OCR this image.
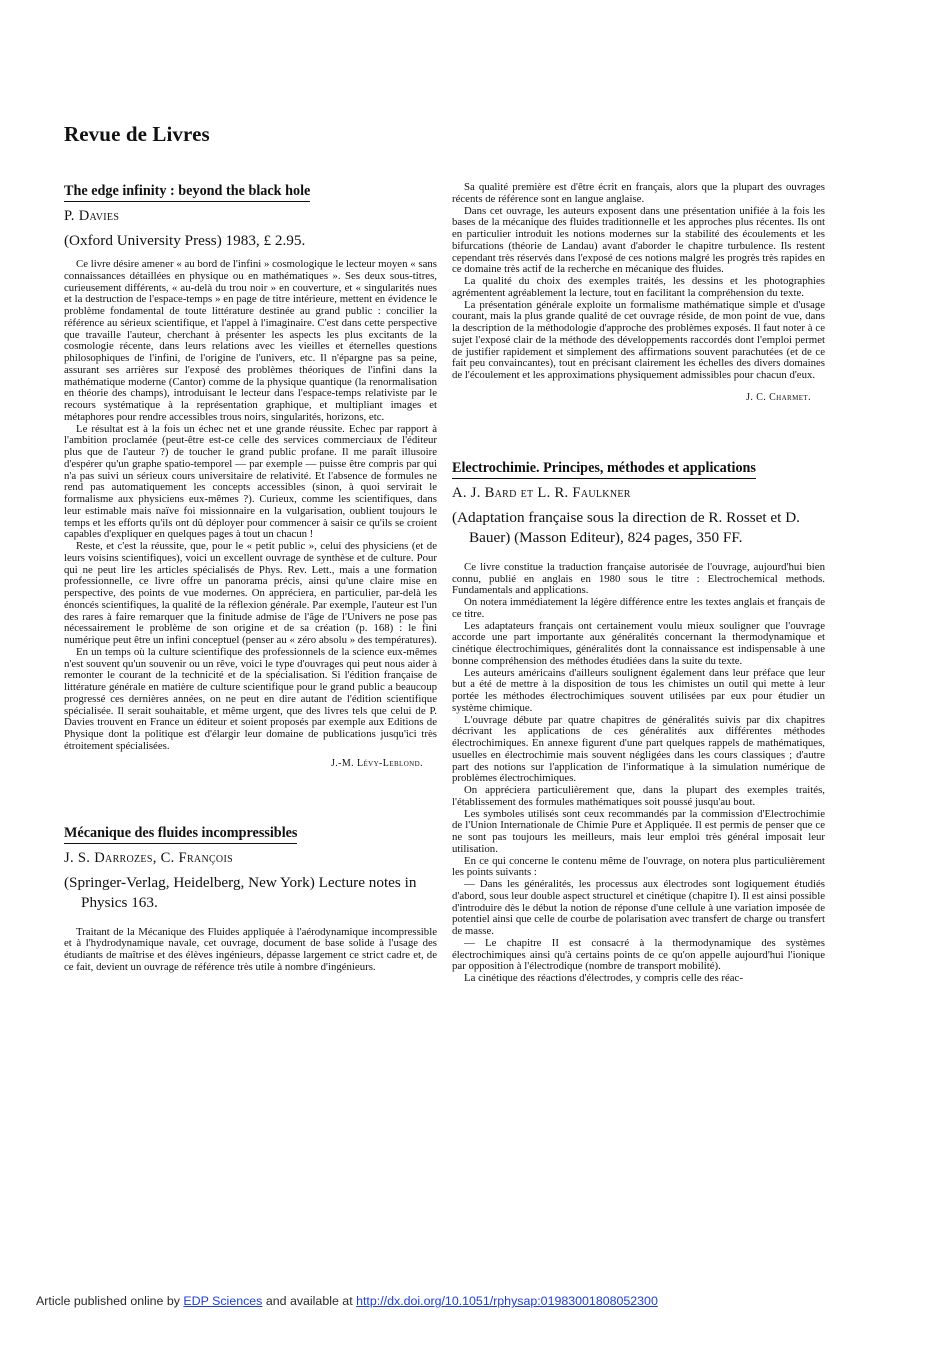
Revue de Livres
The edge infinity : beyond the black hole
P. Davies
(Oxford University Press) 1983, £ 2.95.

Ce livre désire amener « au bord de l'infini » cosmologique le lecteur moyen « sans connaissances détaillées en physique ou en mathématiques ». Ses deux sous-titres, curieusement différents, « au-delà du trou noir » en couverture, et « singularités nues et la destruction de l'espace-temps » en page de titre intérieure, mettent en évidence le problème fondamental de toute littérature destinée au grand public : concilier la référence au sérieux scientifique, et l'appel à l'imaginaire. C'est dans cette perspective que travaille l'auteur, cherchant à présenter les aspects les plus excitants de la cosmologie récente, dans leurs relations avec les vieilles et éternelles questions philosophiques de l'infini, de l'origine de l'univers, etc. Il n'épargne pas sa peine, assurant ses arrières sur l'exposé des problèmes théoriques de l'infini dans la mathématique moderne (Cantor) comme de la physique quantique (la renormalisation en théorie des champs), introduisant le lecteur dans l'espace-temps relativiste par le recours systématique à la représentation graphique, et multipliant images et métaphores pour rendre accessibles trous noirs, singularités, horizons, etc.

Le résultat est à la fois un échec net et une grande réussite. Echec par rapport à l'ambition proclamée (peut-être est-ce celle des services commerciaux de l'éditeur plus que de l'auteur ?) de toucher le grand public profane. Il me paraît illusoire d'espérer qu'un graphe spatio-temporel — par exemple — puisse être compris par qui n'a pas suivi un sérieux cours universitaire de relativité. Et l'absence de formules ne rend pas automatiquement les concepts accessibles (sinon, à quoi servirait le formalisme aux physiciens eux-mêmes ?). Curieux, comme les scientifiques, dans leur estimable mais naïve foi missionnaire en la vulgarisation, oublient toujours le temps et les efforts qu'ils ont dû déployer pour commencer à saisir ce qu'ils se croient capables d'expliquer en quelques pages à tout un chacun !

Reste, et c'est la réussite, que, pour le « petit public », celui des physiciens (et de leurs voisins scientifiques), voici un excellent ouvrage de synthèse et de culture. Pour qui ne peut lire les articles spécialisés de Phys. Rev. Lett., mais a une formation professionnelle, ce livre offre un panorama précis, ainsi qu'une claire mise en perspective, des points de vue modernes. On appréciera, en particulier, par-delà les énoncés scientifiques, la qualité de la réflexion générale. Par exemple, l'auteur est l'un des rares à faire remarquer que la finitude admise de l'âge de l'Univers ne pose pas nécessairement le problème de son origine et de sa création (p. 168) : le fini numérique peut être un infini conceptuel (penser au « zéro absolu » des températures).

En un temps où la culture scientifique des professionnels de la science eux-mêmes n'est souvent qu'un souvenir ou un rêve, voici le type d'ouvrages qui peut nous aider à remonter le courant de la technicité et de la spécialisation. Si l'édition française de littérature générale en matière de culture scientifique pour le grand public a beaucoup progressé ces dernières années, on ne peut en dire autant de l'édition scientifique spécialisée. Il serait souhaitable, et même urgent, que des livres tels que celui de P. Davies trouvent en France un éditeur et soient proposés par exemple aux Editions de Physique dont la politique est d'élargir leur domaine de publications jusqu'ici très étroitement spécialisées.

J.-M. Lévy-Leblond.
Mécanique des fluides incompressibles
J. S. Darrozes, C. François
(Springer-Verlag, Heidelberg, New York) Lecture notes in Physics 163.

Traitant de la Mécanique des Fluides appliquée à l'aérodynamique incompressible et à l'hydrodynamique navale, cet ouvrage, document de base solide à l'usage des étudiants de maîtrise et des élèves ingénieurs, dépasse largement ce strict cadre et, de ce fait, devient un ouvrage de référence très utile à nombre d'ingénieurs.

Sa qualité première est d'être écrit en français, alors que la plupart des ouvrages récents de référence sont en langue anglaise.

Dans cet ouvrage, les auteurs exposent dans une présentation unifiée à la fois les bases de la mécanique des fluides traditionnelle et les approches plus récentes. Ils ont en particulier introduit les notions modernes sur la stabilité des écoulements et les bifurcations (théorie de Landau) avant d'aborder le chapitre turbulence. Ils restent cependant très réservés dans l'exposé de ces notions malgré les progrès très rapides en ce domaine très actif de la recherche en mécanique des fluides.

La qualité du choix des exemples traités, les dessins et les photographies agrémentent agréablement la lecture, tout en facilitant la compréhension du texte.

La présentation générale exploite un formalisme mathématique simple et d'usage courant, mais la plus grande qualité de cet ouvrage réside, de mon point de vue, dans la description de la méthodologie d'approche des problèmes exposés. Il faut noter à ce sujet l'exposé clair de la méthode des développements raccordés dont l'emploi permet de justifier rapidement et simplement des affirmations souvent parachutées (et de ce fait peu convaincantes), tout en précisant clairement les échelles des divers domaines de l'écoulement et les approximations physiquement admissibles pour chacun d'eux.

J. C. Charmet.
Electrochimie. Principes, méthodes et applications
A. J. Bard et L. R. Faulkner
(Adaptation française sous la direction de R. Rosset et D. Bauer) (Masson Editeur), 824 pages, 350 FF.

Ce livre constitue la traduction française autorisée de l'ouvrage, aujourd'hui bien connu, publié en anglais en 1980 sous le titre : Electrochemical methods. Fundamentals and applications.

On notera immédiatement la légère différence entre les textes anglais et français de ce titre.

Les adaptateurs français ont certainement voulu mieux souligner que l'ouvrage accorde une part importante aux généralités concernant la thermodynamique et cinétique électrochimiques, généralités dont la connaissance est indispensable à une bonne compréhension des méthodes étudiées dans la suite du texte.

Les auteurs américains d'ailleurs soulignent également dans leur préface que leur but a été de mettre à la disposition de tous les chimistes un outil qui mette à leur portée les méthodes électrochimiques souvent utilisées par eux pour étudier un système chimique.

L'ouvrage débute par quatre chapitres de généralités suivis par dix chapitres décrivant les applications de ces généralités aux différentes méthodes électrochimiques. En annexe figurent d'une part quelques rappels de mathématiques, usuelles en électrochimie mais souvent négligées dans les cours classiques ; d'autre part des notions sur l'application de l'informatique à la simulation numérique de problèmes électrochimiques.

On appréciera particulièrement que, dans la plupart des exemples traités, l'établissement des formules mathématiques soit poussé jusqu'au bout.

Les symboles utilisés sont ceux recommandés par la commission d'Electrochimie de l'Union Internationale de Chimie Pure et Appliquée. Il est permis de penser que ce ne sont pas toujours les meilleurs, mais leur emploi très général imposait leur utilisation.

En ce qui concerne le contenu même de l'ouvrage, on notera plus particulièrement les points suivants :

— Dans les généralités, les processus aux électrodes sont logiquement étudiés d'abord, sous leur double aspect structurel et cinétique (chapitre I). Il est ainsi possible d'introduire dès le début la notion de réponse d'une cellule à une variation imposée de potentiel ainsi que celle de courbe de polarisation avec transfert de charge ou transfert de masse.

— Le chapitre II est consacré à la thermodynamique des systèmes électrochimiques ainsi qu'à certains points de ce qu'on appelle aujourd'hui l'ionique par opposition à l'électrodique (nombre de transport mobilité).

La cinétique des réactions d'électrodes, y compris celle des réac-

Article published online by EDP Sciences and available at http://dx.doi.org/10.1051/rphysap:01983001808052300
